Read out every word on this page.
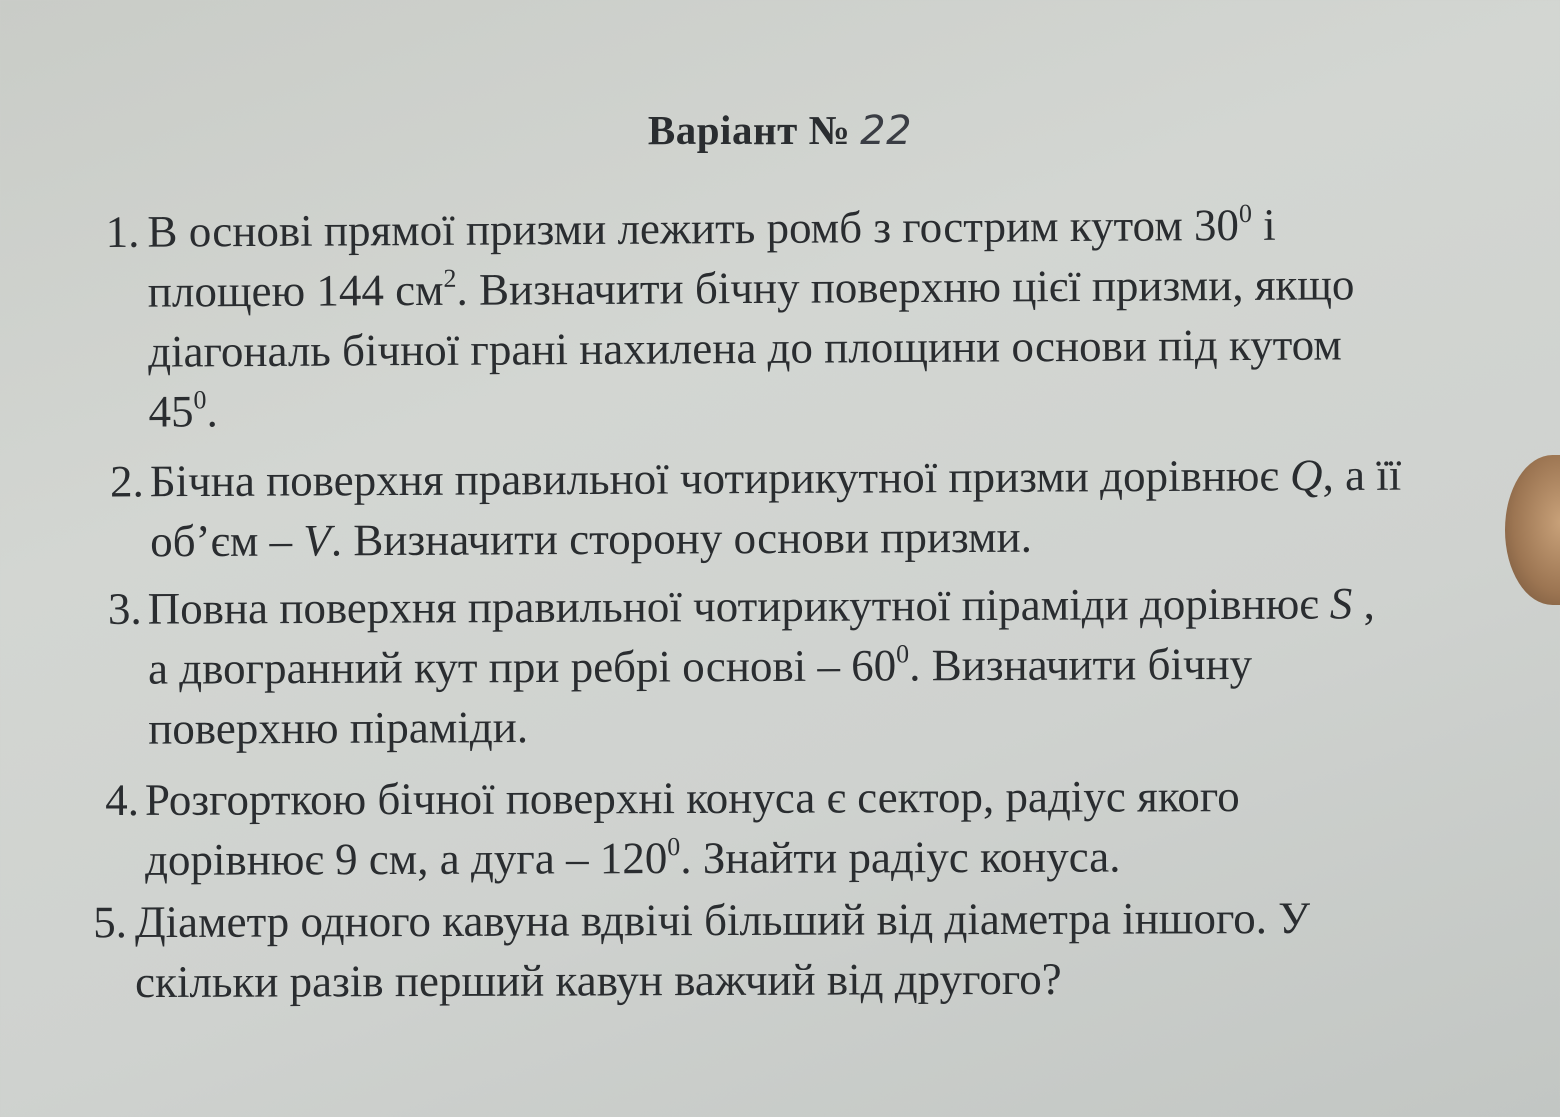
Варіант № 22
1. В основі прямої призми лежить ромб з гострим кутом $30^0$ і
площею 144 $см^2$. Визначити бічну поверхню цієї призми, якщо
діагональ бічної грані нахилена до площини основи під кутом
$45^0$.
2. Бічна поверхня правильної чотирикутної призми дорівнює Q, а її
об’єм – V. Визначити сторону основи призми.
3. Повна поверхня правильної чотирикутної піраміди дорівнює S ,
а двогранний кут при ребрі основі – $60^0$. Визначити бічну
поверхню піраміди.
4. Розгорткою бічної поверхні конуса є сектор, радіус якого
дорівнює 9 см, а дуга – $120^0$. Знайти радіус конуса.
5. Діаметр одного кавуна вдвічі більший від діаметра іншого. У
скільки разів перший кавун важчий від другого?
